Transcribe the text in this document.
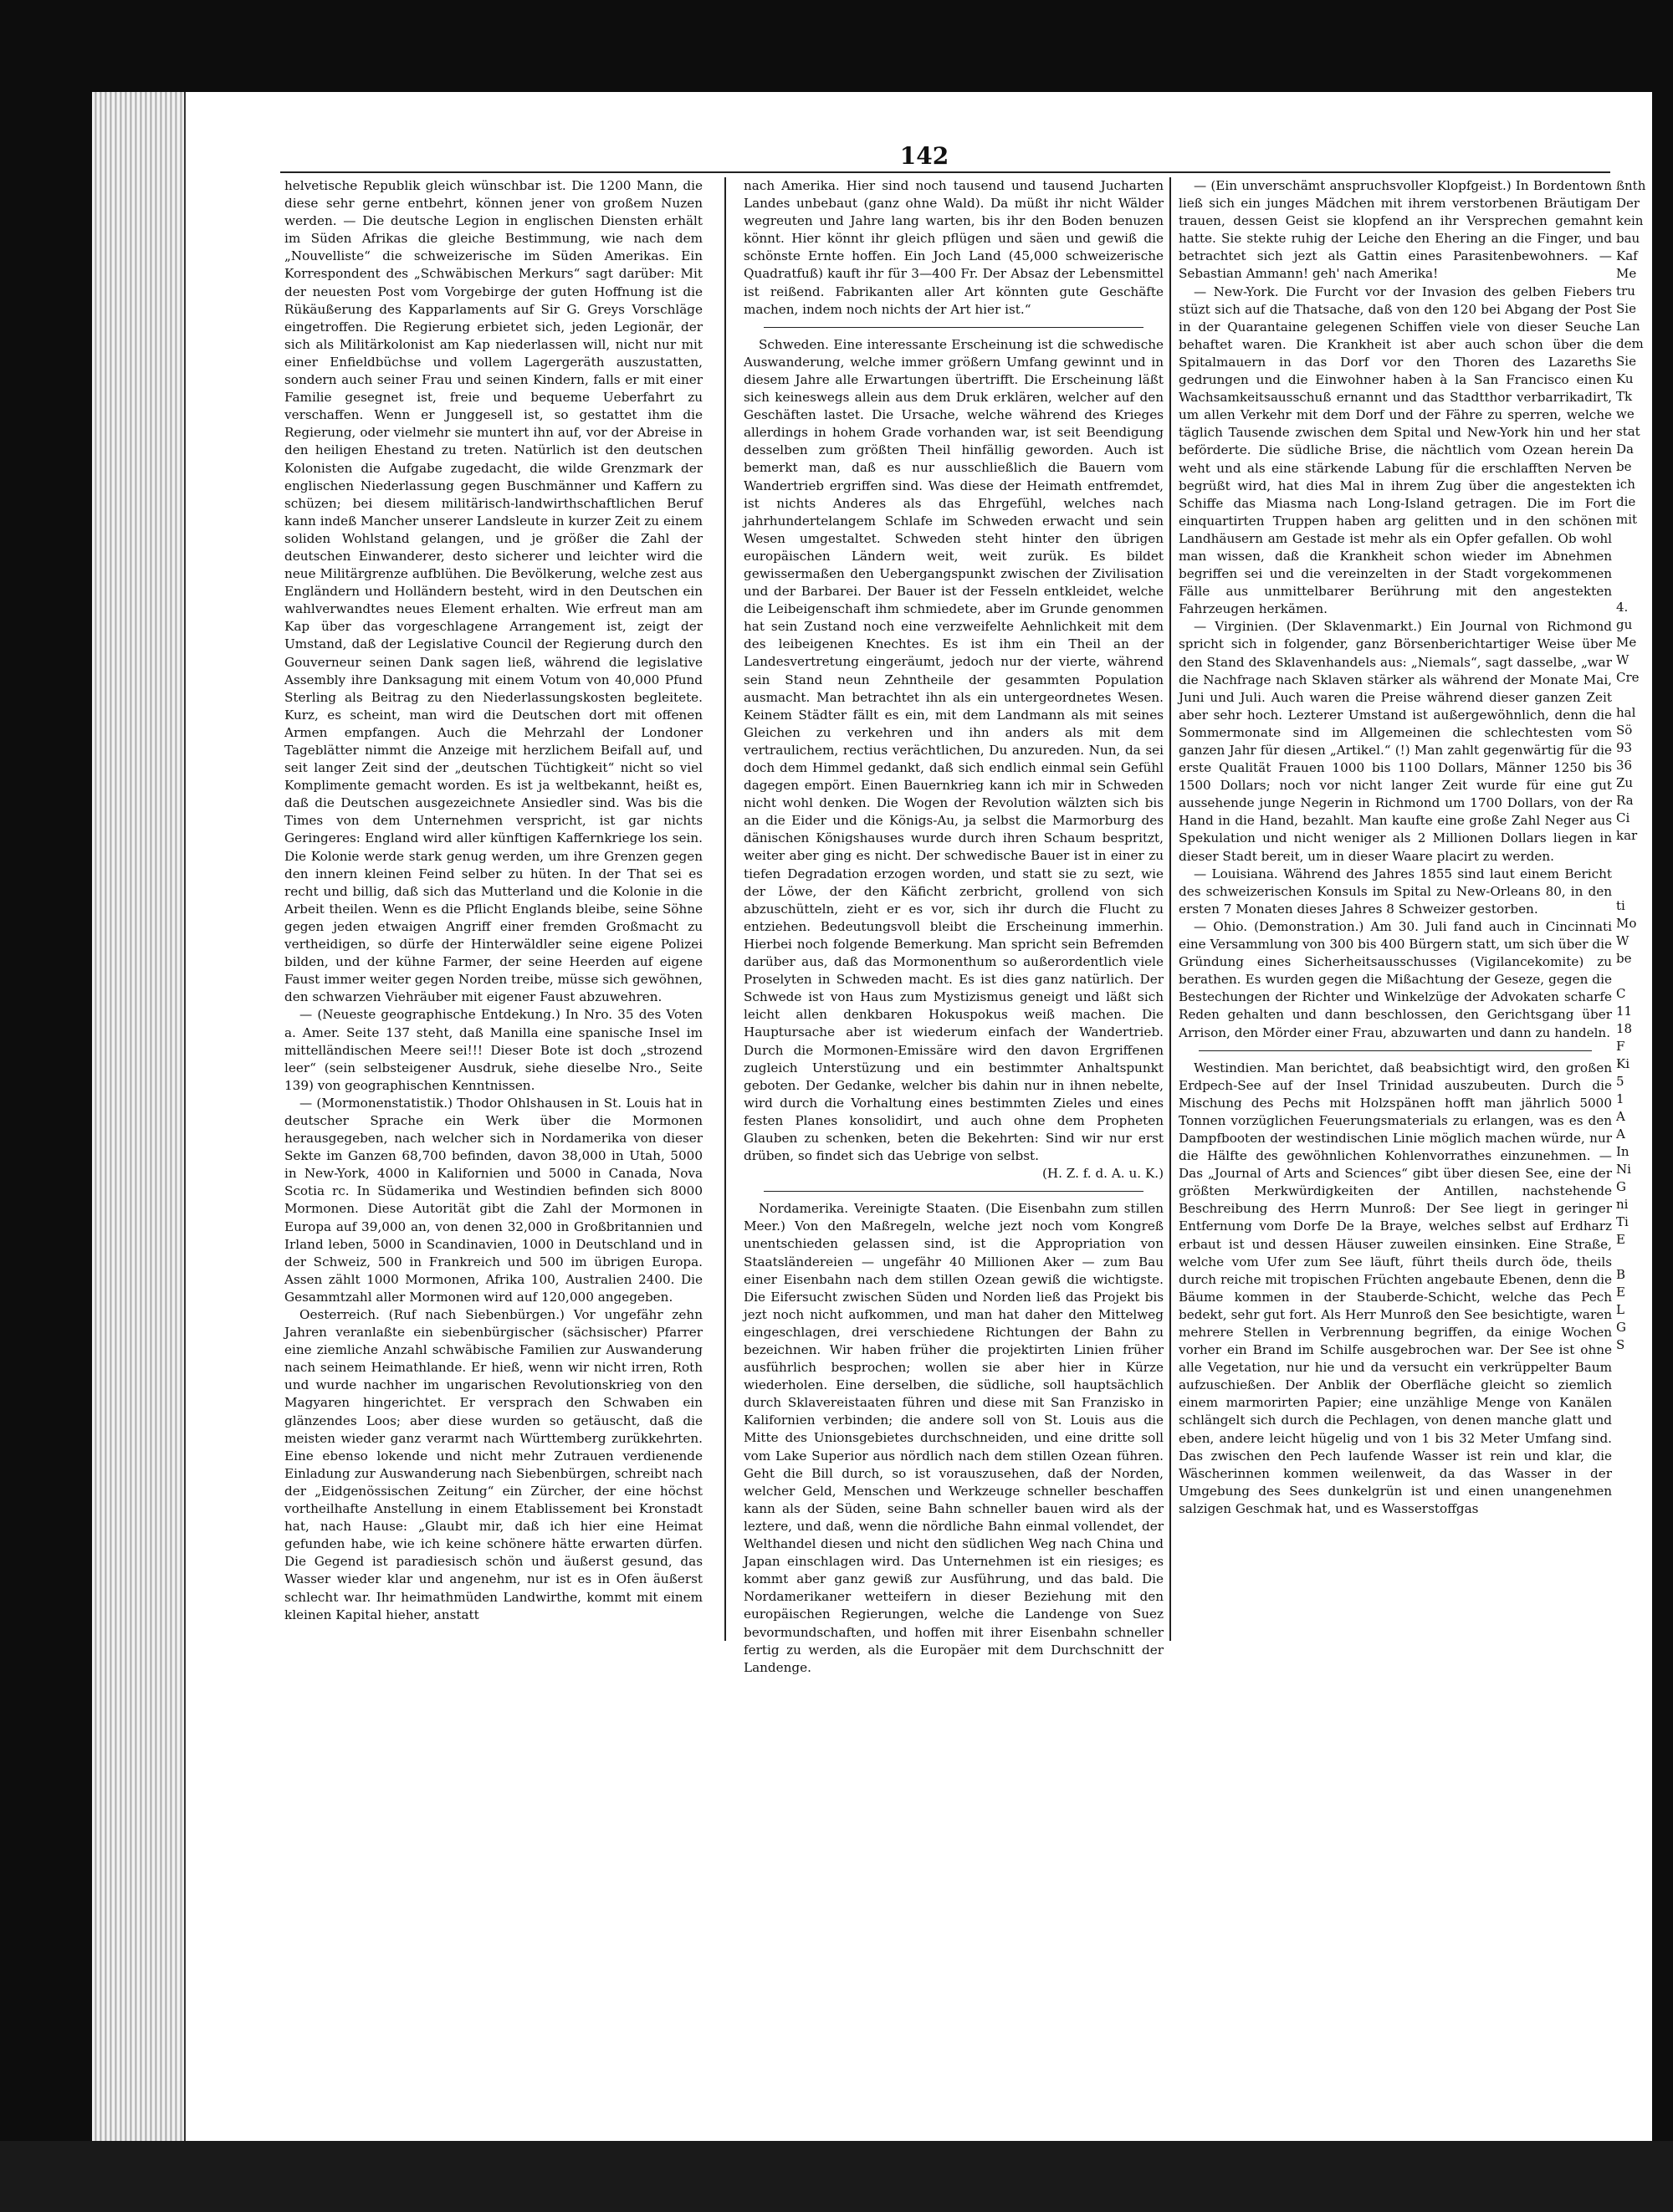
142

helvetische Republik gleich wünschbar ist. Die 1200 Mann, die diese sehr gerne entbehrt, können jener von großem Nuzen werden. — Die deutsche Legion in englischen Diensten erhält im Süden Afrikas die gleiche Bestimmung, wie nach dem „Nouvelliste“ die schweizerische im Süden Amerikas. Ein Korrespondent des „Schwäbischen Merkurs“ sagt darüber: Mit der neuesten Post vom Vorgebirge der guten Hoffnung ist die Rükäußerung des Kapparlaments auf Sir G. Greys Vorschläge eingetroffen. Die Regierung erbietet sich, jeden Legionär, der sich als Militärkolonist am Kap niederlassen will, nicht nur mit einer Enfieldbüchse und vollem Lagergeräth auszustatten, sondern auch seiner Frau und seinen Kindern, falls er mit einer Familie gesegnet ist, freie und bequeme Ueberfahrt zu verschaffen. Wenn er Junggesell ist, so gestattet ihm die Regierung, oder vielmehr sie muntert ihn auf, vor der Abreise in den heiligen Ehestand zu treten. Natürlich ist den deutschen Kolonisten die Aufgabe zugedacht, die wilde Grenzmark der englischen Niederlassung gegen Buschmänner und Kaffern zu schüzen; bei diesem militärisch-landwirthschaftlichen Beruf kann indeß Mancher unserer Landsleute in kurzer Zeit zu einem soliden Wohlstand gelangen, und je größer die Zahl der deutschen Einwanderer, desto sicherer und leichter wird die neue Militärgrenze aufblühen. Die Bevölkerung, welche zest aus Engländern und Holländern besteht, wird in den Deutschen ein wahlverwandtes neues Element erhalten. Wie erfreut man am Kap über das vorgeschlagene Arrangement ist, zeigt der Umstand, daß der Legislative Council der Regierung durch den Gouverneur seinen Dank sagen ließ, während die legislative Assembly ihre Danksagung mit einem Votum von 40,000 Pfund Sterling als Beitrag zu den Niederlassungskosten begleitete. Kurz, es scheint, man wird die Deutschen dort mit offenen Armen empfangen. Auch die Mehrzahl der Londoner Tageblätter nimmt die Anzeige mit herzlichem Beifall auf, und seit langer Zeit sind der „deutschen Tüchtigkeit“ nicht so viel Komplimente gemacht worden. Es ist ja weltbekannt, heißt es, daß die Deutschen ausgezeichnete Ansiedler sind. Was bis die Times von dem Unternehmen verspricht, ist gar nichts Geringeres: England wird aller künftigen Kaffernkriege los sein. Die Kolonie werde stark genug werden, um ihre Grenzen gegen den innern kleinen Feind selber zu hüten. In der That sei es recht und billig, daß sich das Mutterland und die Kolonie in die Arbeit theilen. Wenn es die Pflicht Englands bleibe, seine Söhne gegen jeden etwaigen Angriff einer fremden Großmacht zu vertheidigen, so dürfe der Hinterwäldler seine eigene Polizei bilden, und der kühne Farmer, der seine Heerden auf eigene Faust immer weiter gegen Norden treibe, müsse sich gewöhnen, den schwarzen Viehräuber mit eigener Faust abzuwehren.

— (Neueste geographische Entdekung.) In Nro. 35 des Voten a. Amer. Seite 137 steht, daß Manilla eine spanische Insel im mittelländischen Meere sei!!! Dieser Bote ist doch „strozend leer“ (sein selbsteigener Ausdruk, siehe dieselbe Nro., Seite 139) von geographischen Kenntnissen.

— (Mormonenstatistik.) Thodor Ohlshausen in St. Louis hat in deutscher Sprache ein Werk über die Mormonen herausgegeben, nach welcher sich in Nordamerika von dieser Sekte im Ganzen 68,700 befinden, davon 38,000 in Utah, 5000 in New-York, 4000 in Kalifornien und 5000 in Canada, Nova Scotia rc. In Südamerika und Westindien befinden sich 8000 Mormonen. Diese Autorität gibt die Zahl der Mormonen in Europa auf 39,000 an, von denen 32,000 in Großbritannien und Irland leben, 5000 in Scandinavien, 1000 in Deutschland und in der Schweiz, 500 in Frankreich und 500 im übrigen Europa. Assen zählt 1000 Mormonen, Afrika 100, Australien 2400. Die Gesammtzahl aller Mormonen wird auf 120,000 angegeben.

Oesterreich. (Ruf nach Siebenbürgen.) Vor ungefähr zehn Jahren veranlaßte ein siebenbürgischer (sächsischer) Pfarrer eine ziemliche Anzahl schwäbische Familien zur Auswanderung nach seinem Heimathlande. Er hieß, wenn wir nicht irren, Roth und wurde nachher im ungarischen Revolutionskrieg von den Magyaren hingerichtet. Er versprach den Schwaben ein glänzendes Loos; aber diese wurden so getäuscht, daß die meisten wieder ganz verarmt nach Württemberg zurükkehrten. Eine ebenso lokende und nicht mehr Zutrauen verdienende Einladung zur Auswanderung nach Siebenbürgen, schreibt nach der „Eidgenössischen Zeitung“ ein Zürcher, der eine höchst vortheilhafte Anstellung in einem Etablissement bei Kronstadt hat, nach Hause: „Glaubt mir, daß ich hier eine Heimat gefunden habe, wie ich keine schönere hätte erwarten dürfen. Die Gegend ist paradiesisch schön und äußerst gesund, das Wasser wieder klar und angenehm, nur ist es in Ofen äußerst schlecht war. Ihr heimathmüden Landwirthe, kommt mit einem kleinen Kapital hieher, anstatt

nach Amerika. Hier sind noch tausend und tausend Jucharten Landes unbebaut (ganz ohne Wald). Da müßt ihr nicht Wälder wegreuten und Jahre lang warten, bis ihr den Boden benuzen könnt. Hier könnt ihr gleich pflügen und säen und gewiß die schönste Ernte hoffen. Ein Joch Land (45,000 schweizerische Quadratfuß) kauft ihr für 3—400 Fr. Der Absaz der Lebensmittel ist reißend. Fabrikanten aller Art könnten gute Geschäfte machen, indem noch nichts der Art hier ist.“

Schweden. Eine interessante Erscheinung ist die schwedische Auswanderung, welche immer größern Umfang gewinnt und in diesem Jahre alle Erwartungen übertrifft. Die Erscheinung läßt sich keineswegs allein aus dem Druk erklären, welcher auf den Geschäften lastet. Die Ursache, welche während des Krieges allerdings in hohem Grade vorhanden war, ist seit Beendigung desselben zum größten Theil hinfällig geworden. Auch ist bemerkt man, daß es nur ausschließlich die Bauern vom Wandertrieb ergriffen sind. Was diese der Heimath entfremdet, ist nichts Anderes als das Ehrgefühl, welches nach jahrhundertelangem Schlafe im Schweden erwacht und sein Wesen umgestaltet. Schweden steht hinter den übrigen europäischen Ländern weit, weit zurük. Es bildet gewissermaßen den Uebergangspunkt zwischen der Zivilisation und der Barbarei. Der Bauer ist der Fesseln entkleidet, welche die Leibeigenschaft ihm schmiedete, aber im Grunde genommen hat sein Zustand noch eine verzweifelte Aehnlichkeit mit dem des leibeigenen Knechtes. Es ist ihm ein Theil an der Landesvertretung eingeräumt, jedoch nur der vierte, während sein Stand neun Zehntheile der gesammten Population ausmacht. Man betrachtet ihn als ein untergeordnetes Wesen. Keinem Städter fällt es ein, mit dem Landmann als mit seines Gleichen zu verkehren und ihn anders als mit dem vertraulichem, rectius verächtlichen, Du anzureden. Nun, da sei doch dem Himmel gedankt, daß sich endlich einmal sein Gefühl dagegen empört. Einen Bauernkrieg kann ich mir in Schweden nicht wohl denken. Die Wogen der Revolution wälzten sich bis an die Eider und die Königs-Au, ja selbst die Marmorburg des dänischen Königshauses wurde durch ihren Schaum bespritzt, weiter aber ging es nicht. Der schwedische Bauer ist in einer zu tiefen Degradation erzogen worden, und statt sie zu sezt, wie der Löwe, der den Käficht zerbricht, grollend von sich abzuschütteln, zieht er es vor, sich ihr durch die Flucht zu entziehen. Bedeutungsvoll bleibt die Erscheinung immerhin. Hierbei noch folgende Bemerkung. Man spricht sein Befremden darüber aus, daß das Mormonenthum so außerordentlich viele Proselyten in Schweden macht. Es ist dies ganz natürlich. Der Schwede ist von Haus zum Mystizismus geneigt und läßt sich leicht allen denkbaren Hokuspokus weiß machen. Die Hauptursache aber ist wiederum einfach der Wandertrieb. Durch die Mormonen-Emissäre wird den davon Ergriffenen zugleich Unterstüzung und ein bestimmter Anhaltspunkt geboten. Der Gedanke, welcher bis dahin nur in ihnen nebelte, wird durch die Vorhaltung eines bestimmten Zieles und eines festen Planes konsolidirt, und auch ohne dem Propheten Glauben zu schenken, beten die Bekehrten: Sind wir nur erst drüben, so findet sich das Uebrige von selbst.

(H. Z. f. d. A. u. K.)

Nordamerika. Vereinigte Staaten. (Die Eisenbahn zum stillen Meer.) Von den Maßregeln, welche jezt noch vom Kongreß unentschieden gelassen sind, ist die Appropriation von Staatsländereien — ungefähr 40 Millionen Aker — zum Bau einer Eisenbahn nach dem stillen Ozean gewiß die wichtigste. Die Eifersucht zwischen Süden und Norden ließ das Projekt bis jezt noch nicht aufkommen, und man hat daher den Mittelweg eingeschlagen, drei verschiedene Richtungen der Bahn zu bezeichnen. Wir haben früher die projektirten Linien früher ausführlich besprochen; wollen sie aber hier in Kürze wiederholen. Eine derselben, die südliche, soll hauptsächlich durch Sklavereistaaten führen und diese mit San Franzisko in Kalifornien verbinden; die andere soll von St. Louis aus die Mitte des Unionsgebietes durchschneiden, und eine dritte soll vom Lake Superior aus nördlich nach dem stillen Ozean führen. Geht die Bill durch, so ist vorauszusehen, daß der Norden, welcher Geld, Menschen und Werkzeuge schneller beschaffen kann als der Süden, seine Bahn schneller bauen wird als der leztere, und daß, wenn die nördliche Bahn einmal vollendet, der Welthandel diesen und nicht den südlichen Weg nach China und Japan einschlagen wird. Das Unternehmen ist ein riesiges; es kommt aber ganz gewiß zur Ausführung, und das bald. Die Nordamerikaner wetteifern in dieser Beziehung mit den europäischen Regierungen, welche die Landenge von Suez bevormundschaften, und hoffen mit ihrer Eisenbahn schneller fertig zu werden, als die Europäer mit dem Durchschnitt der Landenge.

— (Ein unverschämt anspruchsvoller Klopfgeist.) In Bordentown ließ sich ein junges Mädchen mit ihrem verstorbenen Bräutigam trauen, dessen Geist sie klopfend an ihr Versprechen gemahnt hatte. Sie stekte ruhig der Leiche den Ehering an die Finger, und betrachtet sich jezt als Gattin eines Parasitenbewohners. — Sebastian Ammann! geh' nach Amerika!

— New-York. Die Furcht vor der Invasion des gelben Fiebers stüzt sich auf die Thatsache, daß von den 120 bei Abgang der Post in der Quarantaine gelegenen Schiffen viele von dieser Seuche behaftet waren. Die Krankheit ist aber auch schon über die Spitalmauern in das Dorf vor den Thoren des Lazareths gedrungen und die Einwohner haben à la San Francisco einen Wachsamkeitsausschuß ernannt und das Stadtthor verbarrikadirt, um allen Verkehr mit dem Dorf und der Fähre zu sperren, welche täglich Tausende zwischen dem Spital und New-York hin und her beförderte. Die südliche Brise, die nächtlich vom Ozean herein weht und als eine stärkende Labung für die erschlafften Nerven begrüßt wird, hat dies Mal in ihrem Zug über die angestekten Schiffe das Miasma nach Long-Island getragen. Die im Fort einquartirten Truppen haben arg gelitten und in den schönen Landhäusern am Gestade ist mehr als ein Opfer gefallen. Ob wohl man wissen, daß die Krankheit schon wieder im Abnehmen begriffen sei und die vereinzelten in der Stadt vorgekommenen Fälle aus unmittelbarer Berührung mit den angestekten Fahrzeugen herkämen.

— Virginien. (Der Sklavenmarkt.) Ein Journal von Richmond spricht sich in folgender, ganz Börsenberichtartiger Weise über den Stand des Sklavenhandels aus: „Niemals“, sagt dasselbe, „war die Nachfrage nach Sklaven stärker als während der Monate Mai, Juni und Juli. Auch waren die Preise während dieser ganzen Zeit aber sehr hoch. Lezterer Umstand ist außergewöhnlich, denn die Sommermonate sind im Allgemeinen die schlechtesten vom ganzen Jahr für diesen „Artikel.“ (!) Man zahlt gegenwärtig für die erste Qualität Frauen 1000 bis 1100 Dollars, Männer 1250 bis 1500 Dollars; noch vor nicht langer Zeit wurde für eine gut aussehende junge Negerin in Richmond um 1700 Dollars, von der Hand in die Hand, bezahlt. Man kaufte eine große Zahl Neger aus Spekulation und nicht weniger als 2 Millionen Dollars liegen in dieser Stadt bereit, um in dieser Waare placirt zu werden.

— Louisiana. Während des Jahres 1855 sind laut einem Bericht des schweizerischen Konsuls im Spital zu New-Orleans 80, in den ersten 7 Monaten dieses Jahres 8 Schweizer gestorben.

— Ohio. (Demonstration.) Am 30. Juli fand auch in Cincinnati eine Versammlung von 300 bis 400 Bürgern statt, um sich über die Gründung eines Sicherheitsausschusses (Vigilancekomite) zu berathen. Es wurden gegen die Mißachtung der Geseze, gegen die Bestechungen der Richter und Winkelzüge der Advokaten scharfe Reden gehalten und dann beschlossen, den Gerichtsgang über Arrison, den Mörder einer Frau, abzuwarten und dann zu handeln.

Westindien. Man berichtet, daß beabsichtigt wird, den großen Erdpech-See auf der Insel Trinidad auszubeuten. Durch die Mischung des Pechs mit Holzspänen hofft man jährlich 5000 Tonnen vorzüglichen Feuerungsmaterials zu erlangen, was es den Dampfbooten der westindischen Linie möglich machen würde, nur die Hälfte des gewöhnlichen Kohlenvorrathes einzunehmen. — Das „Journal of Arts and Sciences“ gibt über diesen See, eine der größten Merkwürdigkeiten der Antillen, nachstehende Beschreibung des Herrn Munroß: Der See liegt in geringer Entfernung vom Dorfe De la Braye, welches selbst auf Erdharz erbaut ist und dessen Häuser zuweilen einsinken. Eine Straße, welche vom Ufer zum See läuft, führt theils durch öde, theils durch reiche mit tropischen Früchten angebaute Ebenen, denn die Bäume kommen in der Stauberde-Schicht, welche das Pech bedekt, sehr gut fort. Als Herr Munroß den See besichtigte, waren mehrere Stellen in Verbrennung begriffen, da einige Wochen vorher ein Brand im Schilfe ausgebrochen war. Der See ist ohne alle Vegetation, nur hie und da versucht ein verkrüppelter Baum aufzuschießen. Der Anblik der Oberfläche gleicht so ziemlich einem marmorirten Papier; eine unzählige Menge von Kanälen schlängelt sich durch die Pechlagen, von denen manche glatt und eben, andere leicht hügelig und von 1 bis 32 Meter Umfang sind. Das zwischen den Pech laufende Wasser ist rein und klar, die Wäscherinnen kommen weilenweit, da das Wasser in der Umgebung des Sees dunkelgrün ist und einen unangenehmen salzigen Geschmak hat, und es Wasserstoffgas

ßnth
Der
kein
bau
Kaf
Me
tru
Sie
Lan
dem
Sie
Ku
Tk
we
stat
Da
be
ich
die
mit
4.
gu
Me
W
Cre
hal
Sö
93
36
Zu
Ra
Ci
kar
ti
Mo
W
be
C
11
18
F
Ki
5
1
A
A
In
Ni
G
ni
Ti
E
B
E
L
G
S
